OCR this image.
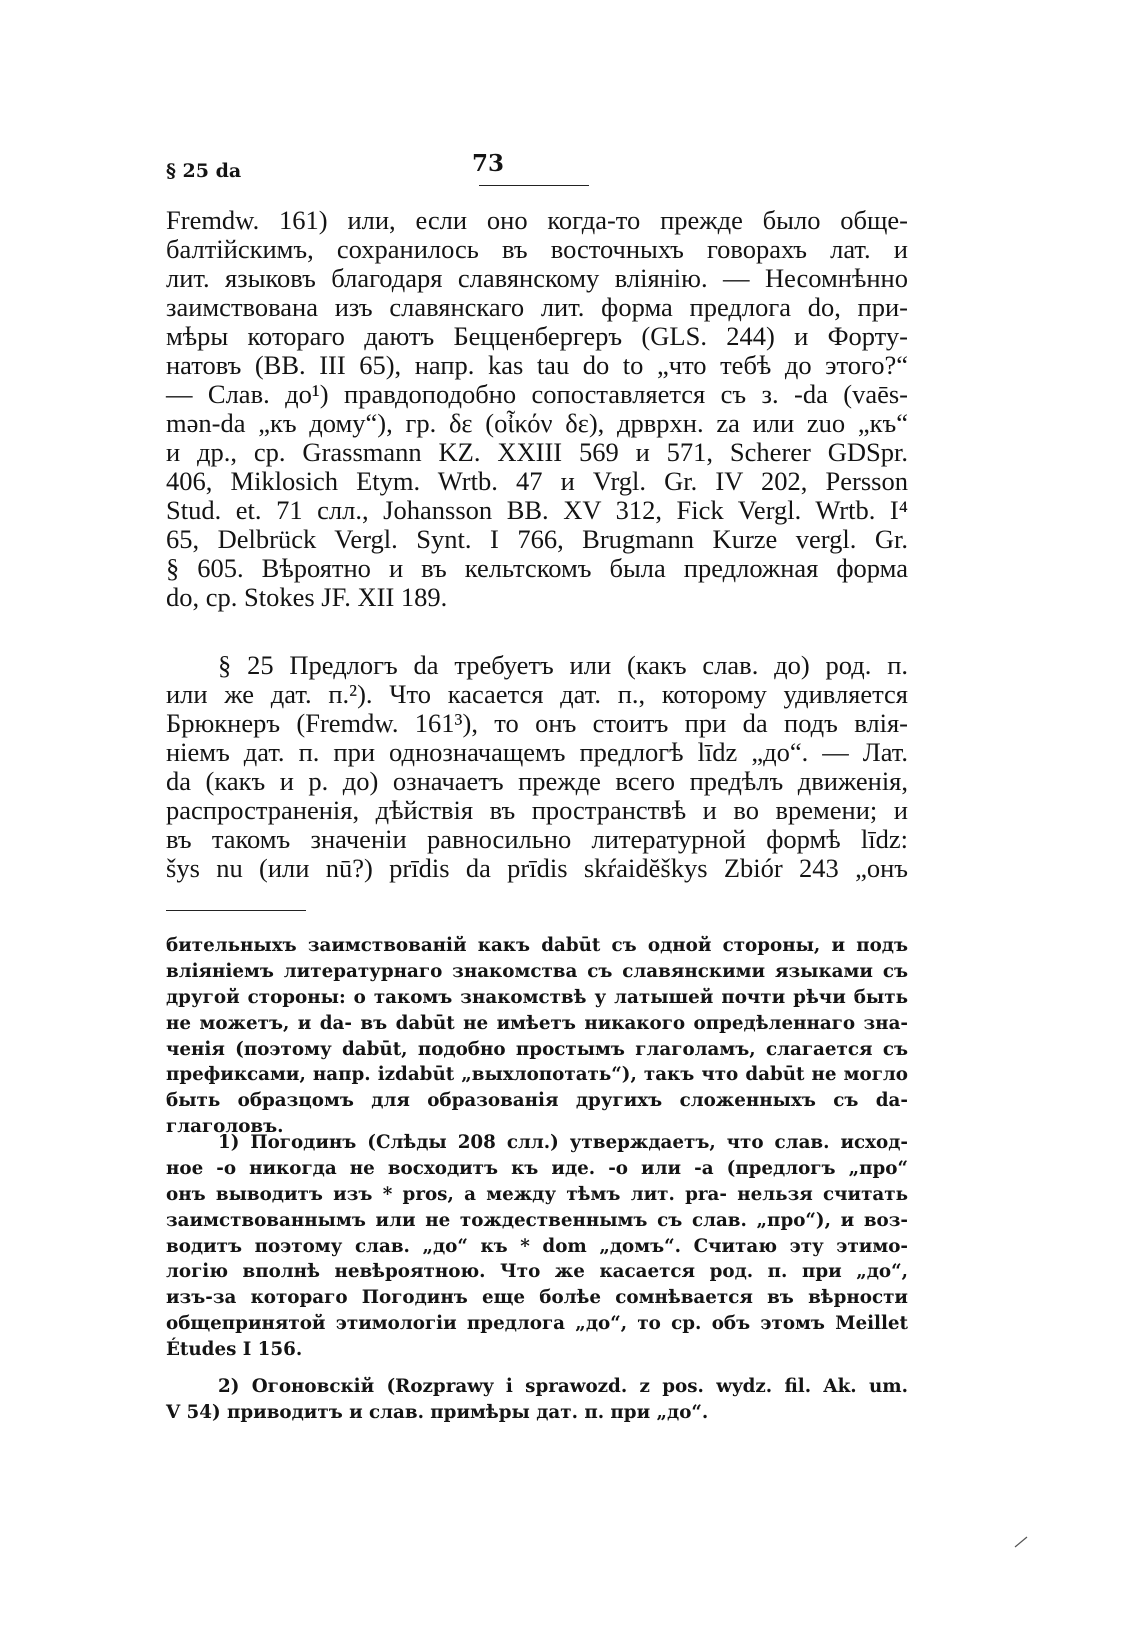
§ 25 da	73
Fremdw. 161) или, если оно когда-то прежде было обще-
балтійскимъ, сохранилось въ восточныхъ говорахъ лат. и
лит. языковъ благодаря славянскому вліянію. — Несомнѣнно
заимствована изъ славянскаго лит. форма предлога do, при-
мѣры котораго даютъ Бецценбергеръ (GLS. 244) и Форту-
натовъ (BB. III 65), напр. kas tau do to „что тебѣ до этого?“
— Слав. до¹) правдоподобно сопоставляется съ з. -da (vaēs-
mən-da „къ дому“), гр. δε (οἶκόν δε), дрврхн. za или zuo „къ“
и др., ср. Grassmann KZ. XXIII 569 и 571, Scherer GDSpr.
406, Miklosich Etym. Wrtb. 47 и Vrgl. Gr. IV 202, Persson
Stud. et. 71 слл., Johansson BB. XV 312, Fick Vergl. Wrtb. I⁴
65, Delbrück Vergl. Synt. I 766, Brugmann Kurze vergl. Gr.
§ 605. Вѣроятно и въ кельтскомъ была предложная форма
do, ср. Stokes JF. XII 189.
§ 25 Предлогъ da требуетъ или (какъ слав. до) род. п.
или же дат. п.²). Что касается дат. п., которому удивляется
Брюкнеръ (Fremdw. 161³), то онъ стоитъ при da подъ влія-
ніемъ дат. п. при однозначащемъ предлогѣ līdz „до“. — Лат.
da (какъ и р. до) означаетъ прежде всего предѣлъ движенія,
распространенія, дѣйствія въ пространствѣ и во времени; и
въ такомъ значеніи равносильно литературной формѣ līdz:
šys nu (или nū?) prīdis da prīdis skŕaidĕškys Zbiór 243 „онъ
бительныхъ заимствованій какъ dabūt съ одной стороны, и подъ
вліяніемъ литературнаго знакомства съ славянскими языками съ
другой стороны: о такомъ знакомствѣ у латышей почти рѣчи быть
не можетъ, и da- въ dabūt не имѣетъ никакого опредѣленнаго зна-
ченія (поэтому dabūt, подобно простымъ глаголамъ, слагается съ
префиксами, напр. izdabūt „выхлопотать“), такъ что dabūt не могло
быть образцомъ для образованія другихъ сложенныхъ съ da-
глаголовъ.
1) Погодинъ (Слѣды 208 слл.) утверждаетъ, что слав. исход-
ное -о никогда не восходитъ къ иде. -о или -а (предлогъ „про“
онъ выводитъ изъ * pros, а между тѣмъ лит. pra- нельзя считать
заимствованнымъ или не тождественнымъ съ слав. „про“), и воз-
водитъ поэтому слав. „до“ къ * dom „домъ“. Считаю эту этимо-
логію вполнѣ невѣроятною. Что же касается род. п. при „до“,
изъ-за котораго Погодинъ еще болѣе сомнѣвается въ вѣрности
общепринятой этимологіи предлога „до“, то ср. объ этомъ Meillet
Études I 156.
2) Огоновскій (Rozprawy i sprawozd. z pos. wydz. fil. Ak. um.
V 54) приводитъ и слав. примѣры дат. п. при „до“.
